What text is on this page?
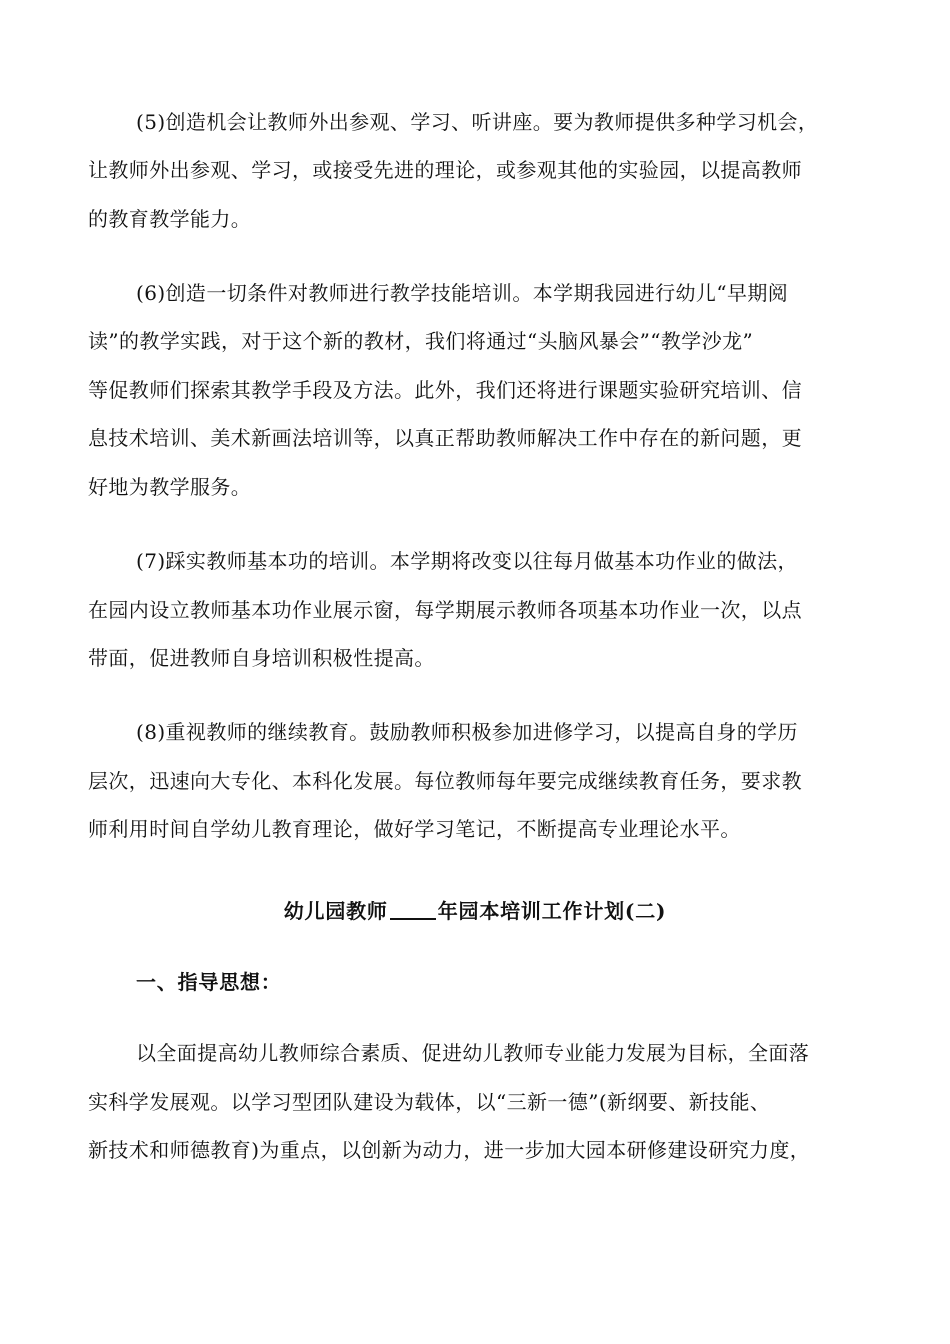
(5)创造机会让教师外出参观、学习、听讲座。要为教师提供多种学习机会，
让教师外出参观、学习，或接受先进的理论，或参观其他的实验园，以提高教师
的教育教学能力。
(6)创造一切条件对教师进行教学技能培训。本学期我园进行幼儿“早期阅
读”的教学实践，对于这个新的教材，我们将通过“头脑风暴会”“教学沙龙”
等促教师们探索其教学手段及方法。此外，我们还将进行课题实验研究培训、信
息技术培训、美术新画法培训等，以真正帮助教师解决工作中存在的新问题，更
好地为教学服务。
(7)踩实教师基本功的培训。本学期将改变以往每月做基本功作业的做法，
在园内设立教师基本功作业展示窗，每学期展示教师各项基本功作业一次，以点
带面，促进教师自身培训积极性提高。
(8)重视教师的继续教育。鼓励教师积极参加进修学习，以提高自身的学历
层次，迅速向大专化、本科化发展。每位教师每年要完成继续教育任务，要求教
师利用时间自学幼儿教育理论，做好学习笔记，不断提高专业理论水平。
幼儿园教师	年园本培训工作计划(二)
一、指导思想：
以全面提高幼儿教师综合素质、促进幼儿教师专业能力发展为目标，全面落
实科学发展观。以学习型团队建设为载体，以“三新一德”(新纲要、新技能、
新技术和师德教育)为重点，以创新为动力，进一步加大园本研修建设研究力度，
